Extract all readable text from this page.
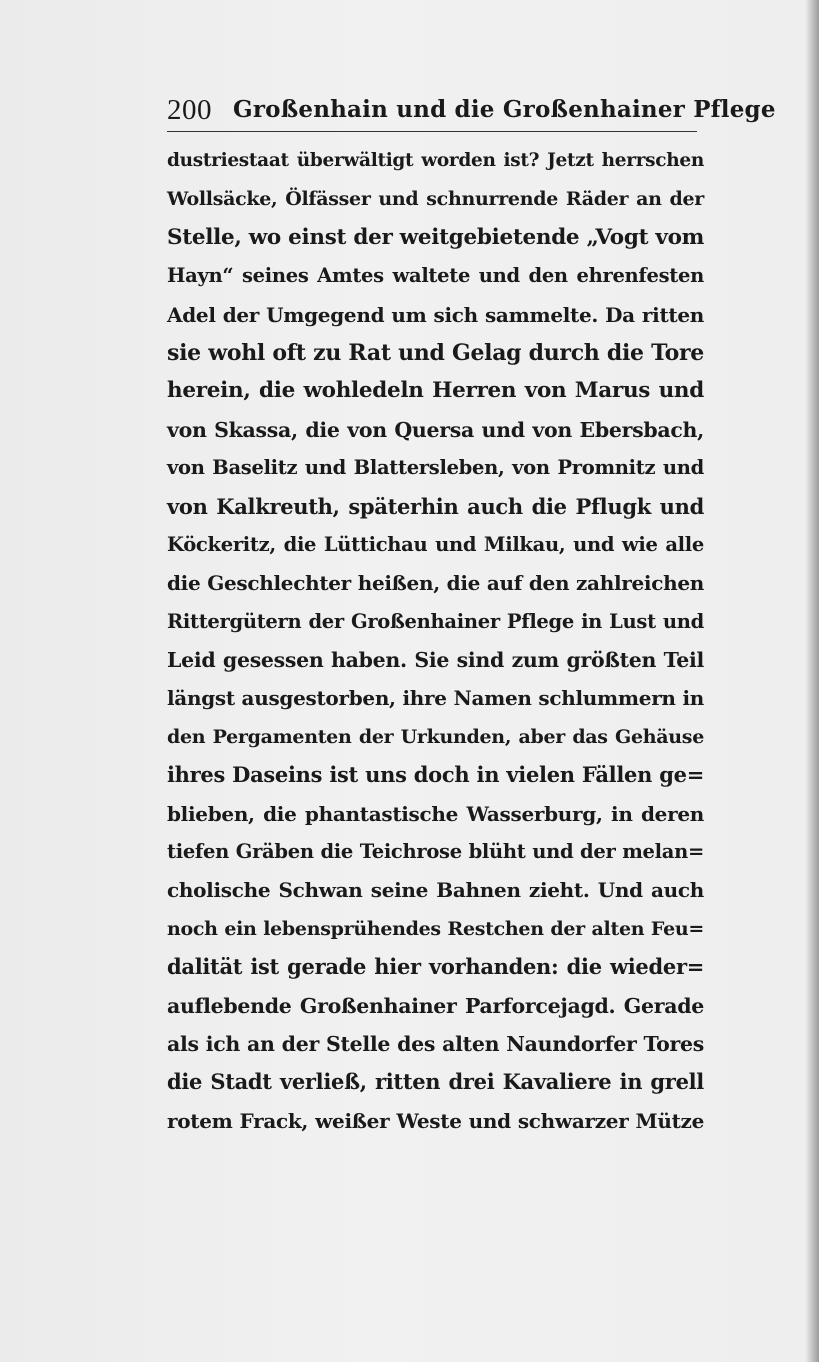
200 Großenhain und die Großenhainer Pflege
dustriestaat überwältigt worden ist? Jetzt herrschen
Wollsäcke, Ölfässer und schnurrende Räder an der
Stelle, wo einst der weitgebietende „Vogt vom
Hayn“ seines Amtes waltete und den ehrenfesten
Adel der Umgegend um sich sammelte. Da ritten
sie wohl oft zu Rat und Gelag durch die Tore
herein, die wohledeln Herren von Marus und
von Skassa, die von Quersa und von Ebersbach,
von Baselitz und Blattersleben, von Promnitz und
von Kalkreuth, späterhin auch die Pflugk und
Köckeritz, die Lüttichau und Milkau, und wie alle
die Geschlechter heißen, die auf den zahlreichen
Rittergütern der Großenhainer Pflege in Lust und
Leid gesessen haben. Sie sind zum größten Teil
längst ausgestorben, ihre Namen schlummern in
den Pergamenten der Urkunden, aber das Gehäuse
ihres Daseins ist uns doch in vielen Fällen ge=
blieben, die phantastische Wasserburg, in deren
tiefen Gräben die Teichrose blüht und der melan=
cholische Schwan seine Bahnen zieht. Und auch
noch ein lebensprühendes Restchen der alten Feu=
dalität ist gerade hier vorhanden: die wieder=
auflebende Großenhainer Parforcejagd. Gerade
als ich an der Stelle des alten Naundorfer Tores
die Stadt verließ, ritten drei Kavaliere in grell
rotem Frack, weißer Weste und schwarzer Mütze
